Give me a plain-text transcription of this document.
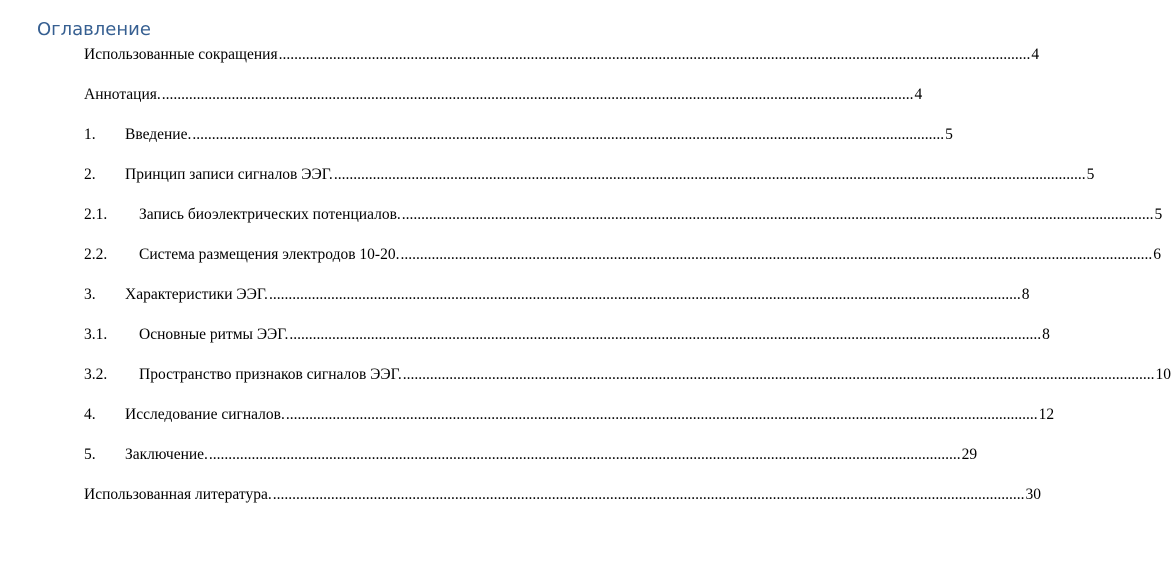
Оглавление
Использованные сокращения .................................................................................................................................................................................................. 4
Аннотация. .................................................................................................................................................................................................. 4
1.	Введение. .................................................................................................................................................................................................. 5
2.	Принцип записи сигналов ЭЭГ. .................................................................................................................................................................................................. 5
2.1.	Запись биоэлектрических потенциалов. .................................................................................................................................................................................................. 5
2.2.	Система размещения электродов 10-20. .................................................................................................................................................................................................. 6
3.	Характеристики ЭЭГ. .................................................................................................................................................................................................. 8
3.1.	Основные ритмы ЭЭГ. .................................................................................................................................................................................................. 8
3.2.	Пространство признаков сигналов ЭЭГ. .................................................................................................................................................................................................. 10
4.	Исследование сигналов. .................................................................................................................................................................................................. 12
5.	Заключение. .................................................................................................................................................................................................. 29
Использованная литература. .................................................................................................................................................................................................. 30
